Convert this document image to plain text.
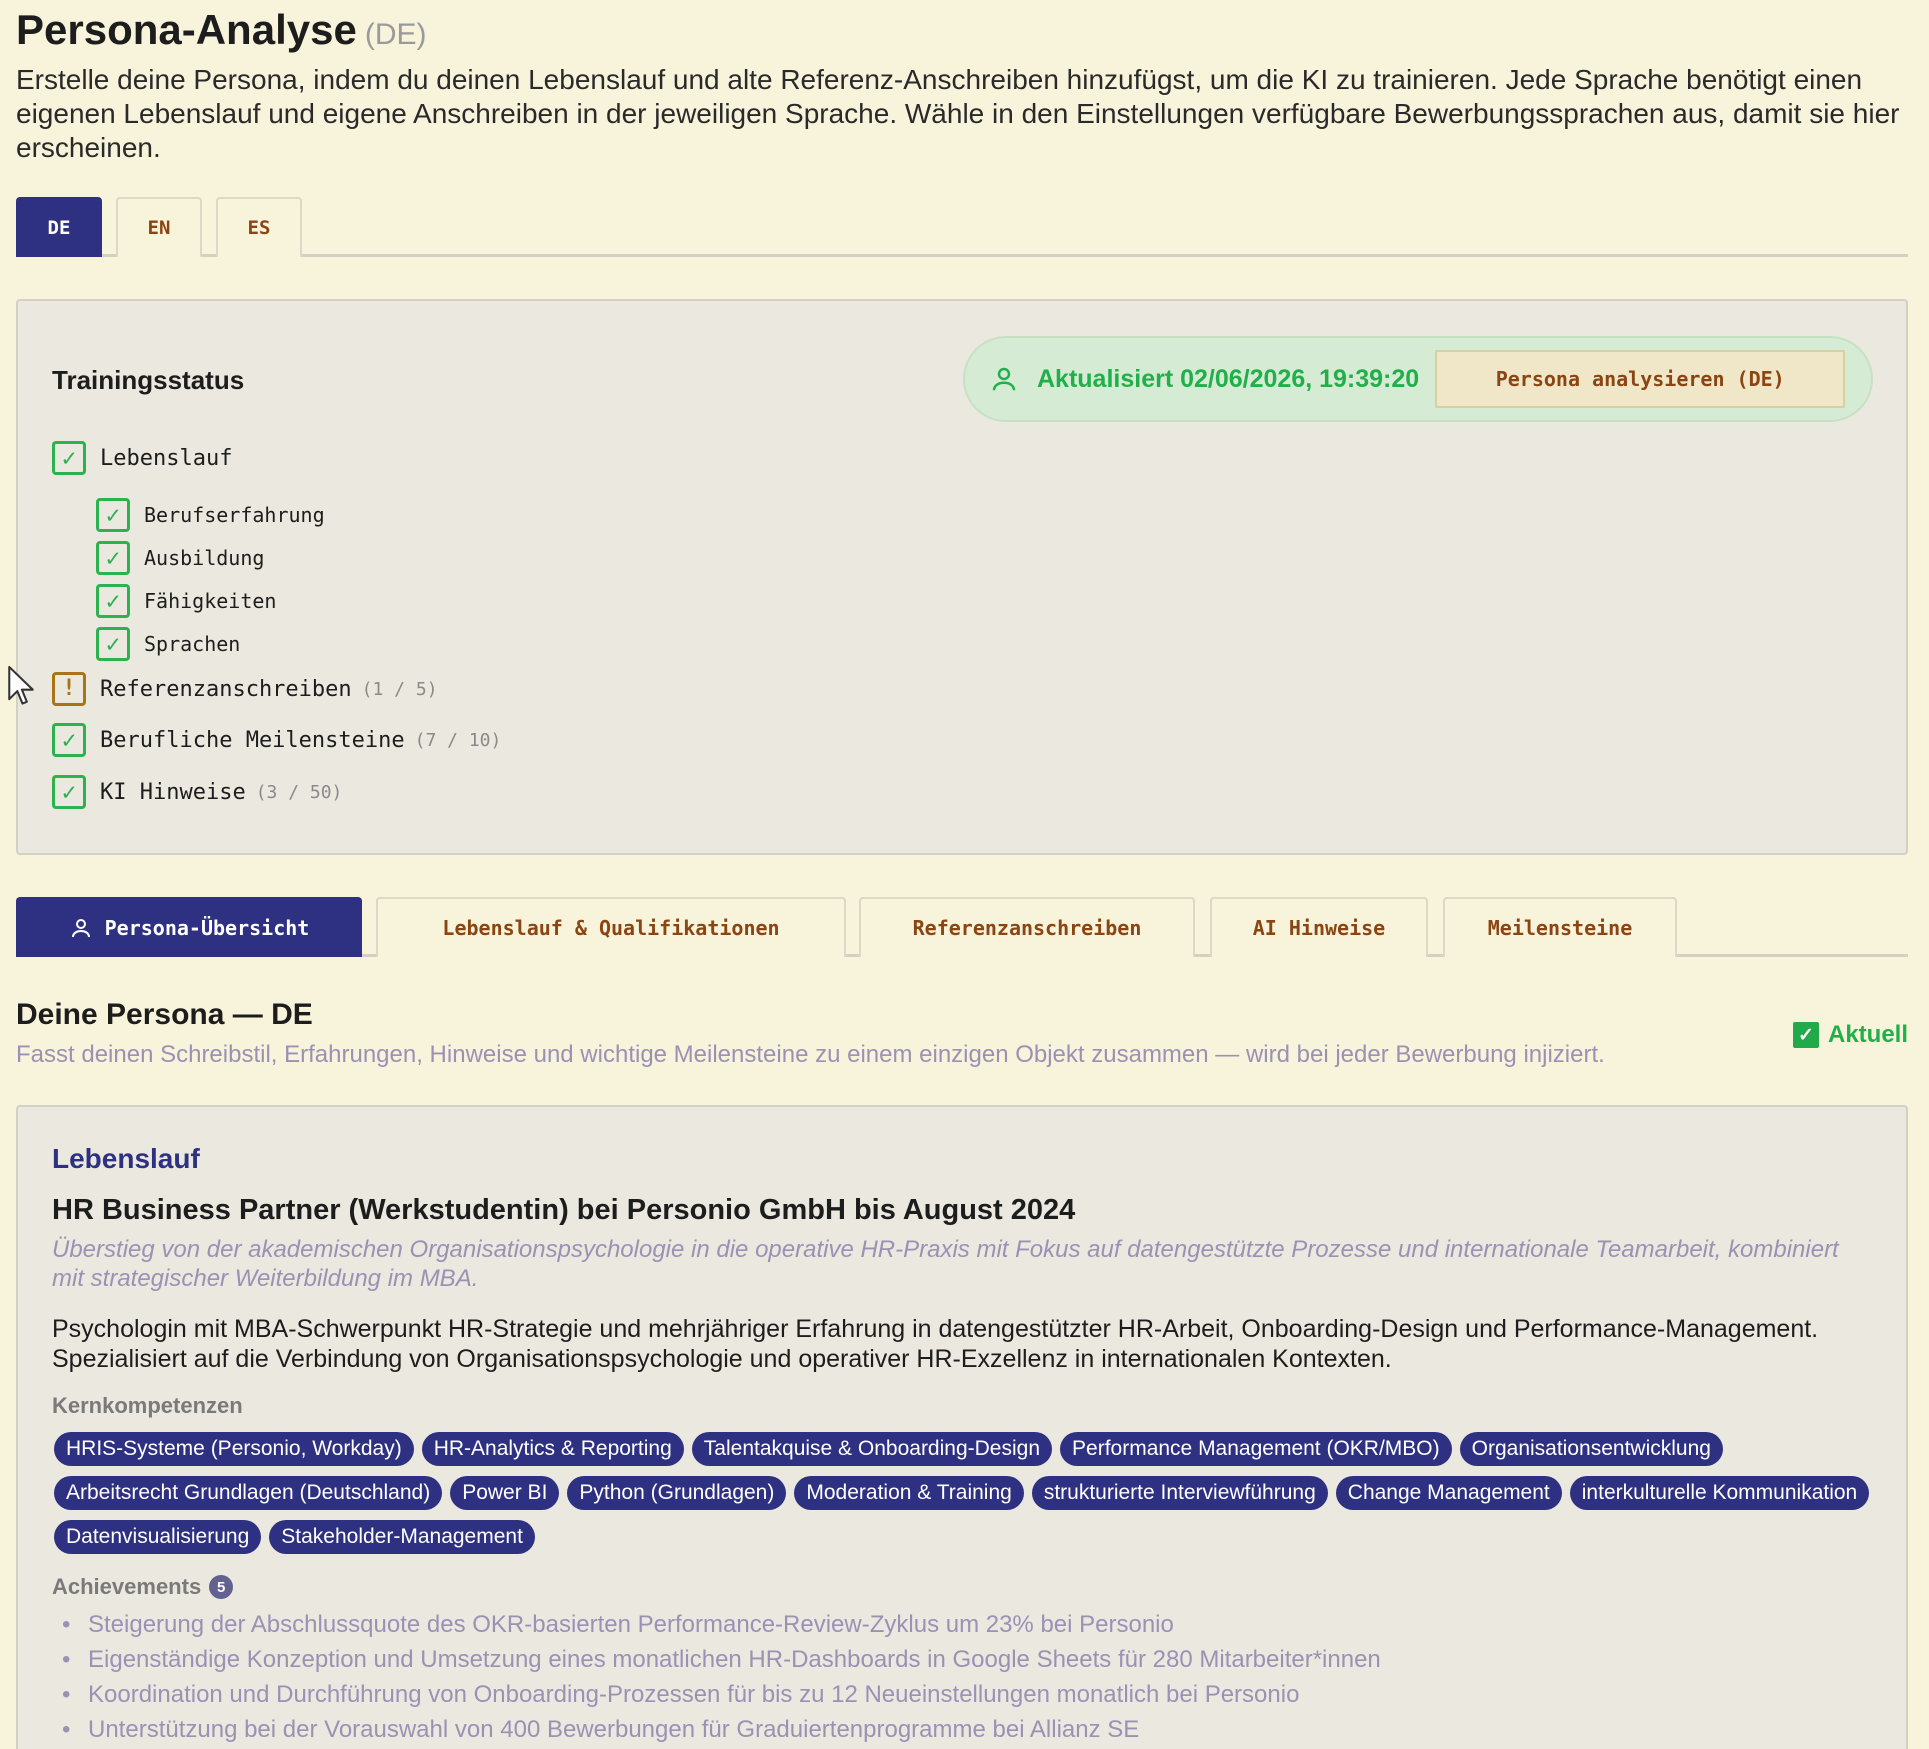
Persona-Analyse (DE)
Erstelle deine Persona, indem du deinen Lebenslauf und alte Referenz-Anschreiben hinzufügst, um die KI zu trainieren. Jede Sprache benötigt einen eigenen Lebenslauf und eigene Anschreiben in der jeweiligen Sprache. Wähle in den Einstellungen verfügbare Bewerbungssprachen aus, damit sie hier erscheinen.
DE	EN	ES
Trainingsstatus	Aktualisiert 02/06/2026, 19:39:20	Persona analysieren (DE)
✓	Lebenslauf
✓	Berufserfahrung
✓	Ausbildung
✓	Fähigkeiten
✓	Sprachen
!	Referenzanschreiben (1 / 5)
✓	Berufliche Meilensteine (7 / 10)
✓	KI Hinweise (3 / 50)
Persona-Übersicht	Lebenslauf & Qualifikationen	Referenzanschreiben	AI Hinweise	Meilensteine
Deine Persona — DE
Fasst deinen Schreibstil, Erfahrungen, Hinweise und wichtige Meilensteine zu einem einzigen Objekt zusammen — wird bei jeder Bewerbung injiziert.
✓ Aktuell
Lebenslauf
HR Business Partner (Werkstudentin) bei Personio GmbH bis August 2024
Überstieg von der akademischen Organisationspsychologie in die operative HR-Praxis mit Fokus auf datengestützte Prozesse und internationale Teamarbeit, kombiniert mit strategischer Weiterbildung im MBA.
Psychologin mit MBA-Schwerpunkt HR-Strategie und mehrjähriger Erfahrung in datengestützter HR-Arbeit, Onboarding-Design und Performance-Management. Spezialisiert auf die Verbindung von Organisationspsychologie und operativer HR-Exzellenz in internationalen Kontexten.
Kernkompetenzen
HRIS-Systeme (Personio, Workday)	HR-Analytics & Reporting	Talentakquise & Onboarding-Design	Performance Management (OKR/MBO)	Organisationsentwicklung
Arbeitsrecht Grundlagen (Deutschland)	Power BI	Python (Grundlagen)	Moderation & Training	strukturierte Interviewführung	Change Management	interkulturelle Kommunikation
Datenvisualisierung	Stakeholder-Management
Achievements	5
• Steigerung der Abschlussquote des OKR-basierten Performance-Review-Zyklus um 23% bei Personio
• Eigenständige Konzeption und Umsetzung eines monatlichen HR-Dashboards in Google Sheets für 280 Mitarbeiter*innen
• Koordination und Durchführung von Onboarding-Prozessen für bis zu 12 Neueinstellungen monatlich bei Personio
• Unterstützung bei der Vorauswahl von 400 Bewerbungen für Graduiertenprogramme bei Allianz SE
